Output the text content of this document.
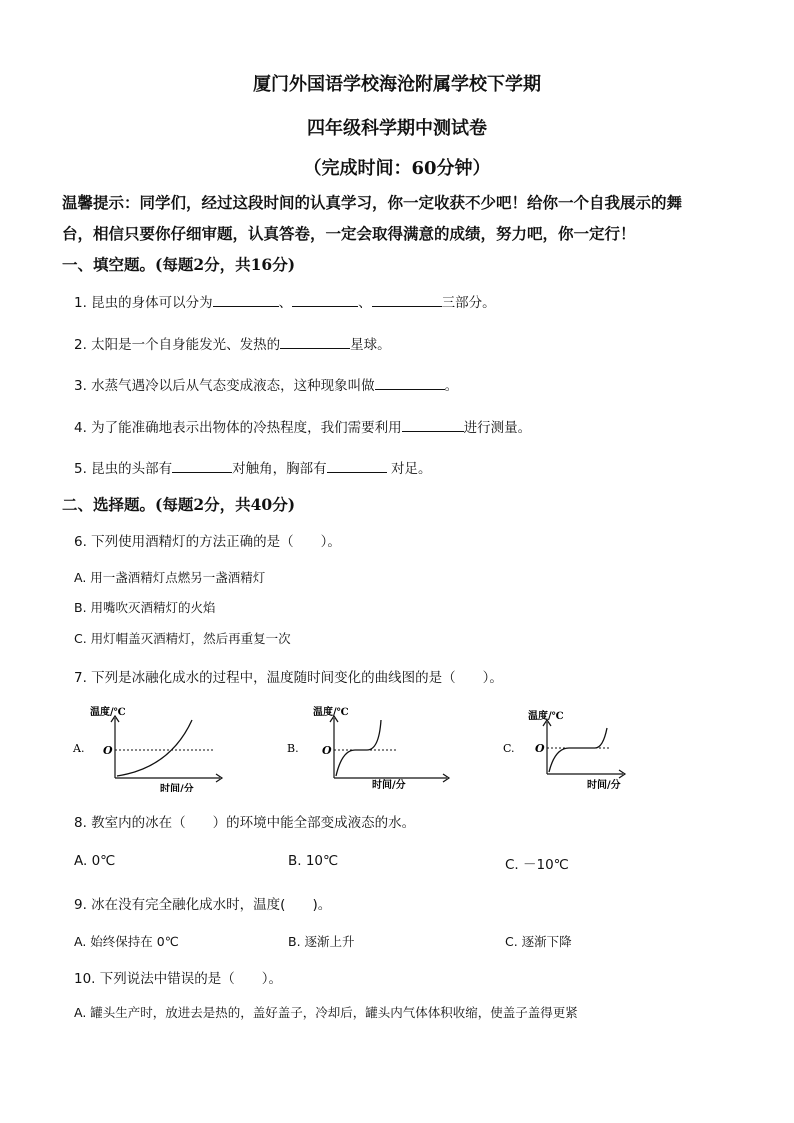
厦门外国语学校海沧附属学校下学期
四年级科学期中测试卷
（完成时间：60分钟）
温馨提示：同学们，经过这段时间的认真学习，你一定收获不少吧！给你一个自我展示的舞
台，相信只要你仔细审题，认真答卷，一定会取得满意的成绩，努力吧，你一定行！
一、填空题。(每题2分，共16分)
1. 昆虫的身体可以分为	、	、	三部分。
2. 太阳是一个自身能发光、发热的	星球。
3. 水蒸气遇冷以后从气态变成液态，这种现象叫做	。
4. 为了能准确地表示出物体的冷热程度，我们需要利用	进行测量。
5. 昆虫的头部有	对触角，胸部有	对足。
二、选择题。(每题2分，共40分)
6. 下列使用酒精灯的方法正确的是（　　）。
A. 用一盏酒精灯点燃另一盏酒精灯
B. 用嘴吹灭酒精灯的火焰
C. 用灯帽盖灭酒精灯，然后再重复一次
7. 下列是冰融化成水的过程中，温度随时间变化的曲线图的是（　　）。
A.
温度/℃
O
时间/分
B.
温度/℃
O
时间/分
C.
温度/℃
O
时间/分
8. 教室内的冰在（　　）的环境中能全部变成液态的水。
A. 0℃	B. 10℃	C. －10℃
9. 冰在没有完全融化成水时，温度(　　)。
A. 始终保持在 0℃	B. 逐渐上升	C. 逐渐下降
10. 下列说法中错误的是（　　）。
A. 罐头生产时，放进去是热的，盖好盖子，冷却后，罐头内气体体积收缩，使盖子盖得更紧
